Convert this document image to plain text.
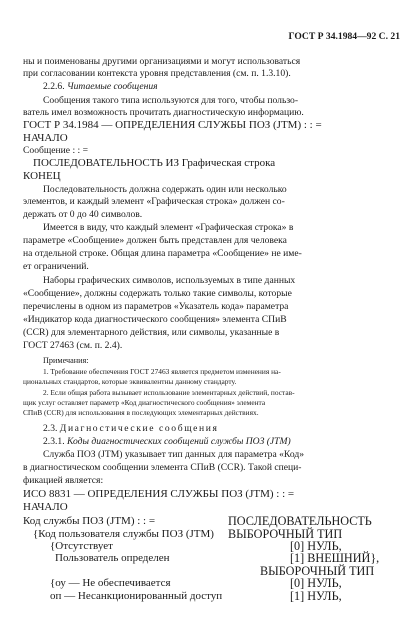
ГОСТ Р 34.1984—92 С. 21
ны и поименованы другими организациями и могут использоваться
при согласовании контекста уровня представления (см. п. 1.3.10).
2.2.6. Читаемые сообщения
Сообщения такого типа используются для того, чтобы пользо-
ватель имел возможность прочитать диагностическую информацию.
ГОСТ Р 34.1984 — ОПРЕДЕЛЕНИЯ СЛУЖБЫ ПОЗ (JTM) : : =
НАЧАЛО
Сообщение : : =
ПОСЛЕДОВАТЕЛЬНОСТЬ ИЗ Графическая строка
КОНЕЦ
Последовательность должна содержать один или несколько
элементов, и каждый элемент «Графическая строка» должен со-
держать от 0 до 40 символов.
Имеется в виду, что каждый элемент «Графическая строка» в
параметре «Сообщение» должен быть представлен для человека
на отдельной строке. Общая длина параметра «Сообщение» не име-
ет ограничений.
Наборы графических символов, используемых в типе данных
«Сообщение», должны содержать только такие символы, которые
перечислены в одном из параметров «Указатель кода» параметра
«Индикатор кода диагностического сообщения» элемента СПиВ
(CCR) для элементарного действия, или символы, указанные в
ГОСТ 27463 (см. п. 2.4).
Примечания:
1. Требование обеспечения ГОСТ 27463 является предметом изменения на-
циональных стандартов, которые эквивалентны данному стандарту.
2. Если общая работа вызывает использование элементарных действий, постав-
щик услуг оставляет параметр «Код диагностического сообщения» элемента
СПиВ (CCR) для использования в последующих элементарных действиях.
2.3. Диагностические сообщения
2.3.1. Коды диагностических сообщений службы ПОЗ (JTM)
Служба ПОЗ (JTM) указывает тип данных для параметра «Код»
в диагностическом сообщении элемента СПиВ (CCR). Такой специ-
фикацией является:
ИСО 8831 — ОПРЕДЕЛЕНИЯ СЛУЖБЫ ПОЗ (JTM) : : =
НАЧАЛО
Код службы ПОЗ (JTM) : : =	ПОСЛЕДОВАТЕЛЬНОСТЬ
{Код пользователя службы ПОЗ (JTM) ВЫБОРОЧНЫЙ ТИП
{Отсутствует	[0] НУЛЬ,
Пользователь определен	[1] ВНЕШНИЙ},
ВЫБОРОЧНЫЙ ТИП
{оу — Не обеспечивается	[0] НУЛЬ,
оп — Несанкционированный доступ	[1] НУЛЬ,
